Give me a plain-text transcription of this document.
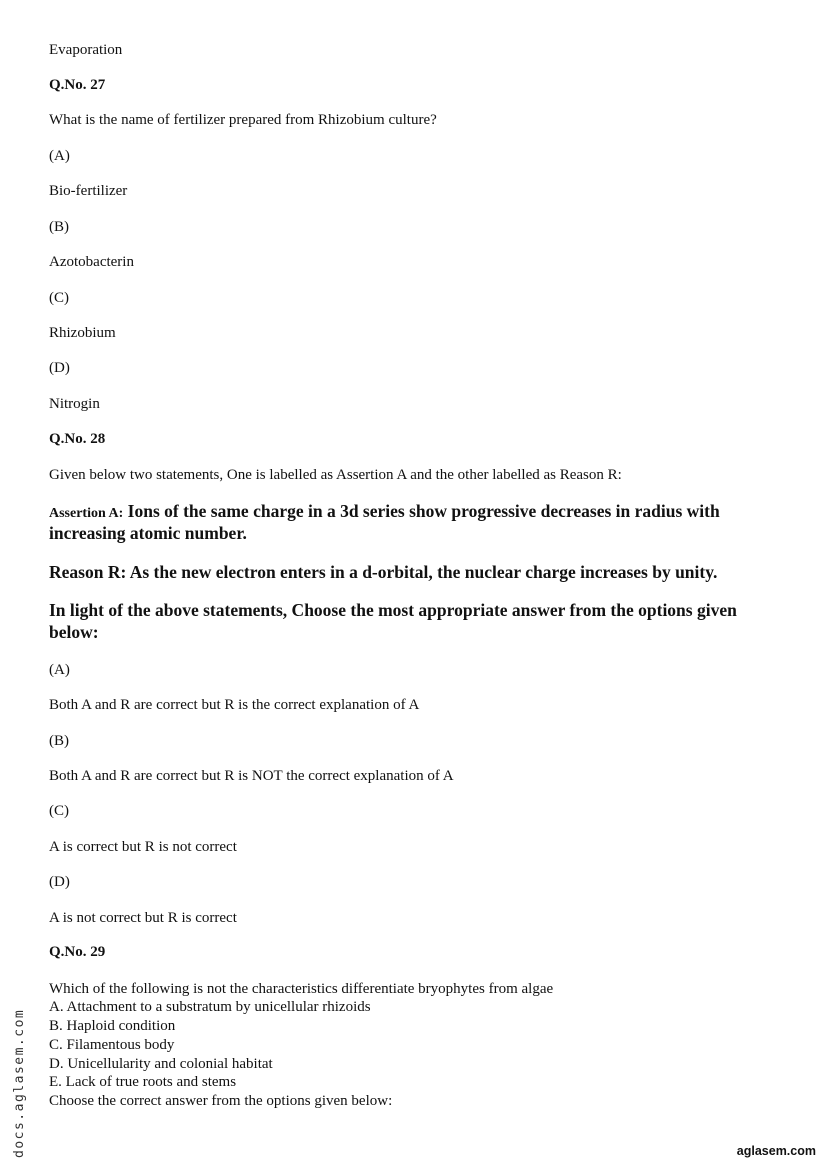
Evaporation
Q.No. 27
What is the name of fertilizer prepared from Rhizobium culture?
(A)
Bio-fertilizer
(B)
Azotobacterin
(C)
Rhizobium
(D)
Nitrogin
Q.No. 28
Given below two statements, One is labelled as Assertion A and the other labelled as Reason R:
Assertion A: Ions of the same charge in a 3d series show progressive decreases in radius with
increasing atomic number.
Reason R: As the new electron enters in a d-orbital, the nuclear charge increases by unity.
In light of the above statements, Choose the most appropriate answer from the options given
below:
(A)
Both A and R are correct but R is the correct explanation of A
(B)
Both A and R are correct but R is NOT the correct explanation of A
(C)
A is correct but R is not correct
(D)
A is not correct but R is correct
Q.No. 29
Which of the following is not the characteristics differentiate bryophytes from algae
A. Attachment to a substratum by unicellular rhizoids
B. Haploid condition
C. Filamentous body
D. Unicellularity and colonial habitat
E. Lack of true roots and stems
Choose the correct answer from the options given below:
docs.aglasem.com	aglasem.com
